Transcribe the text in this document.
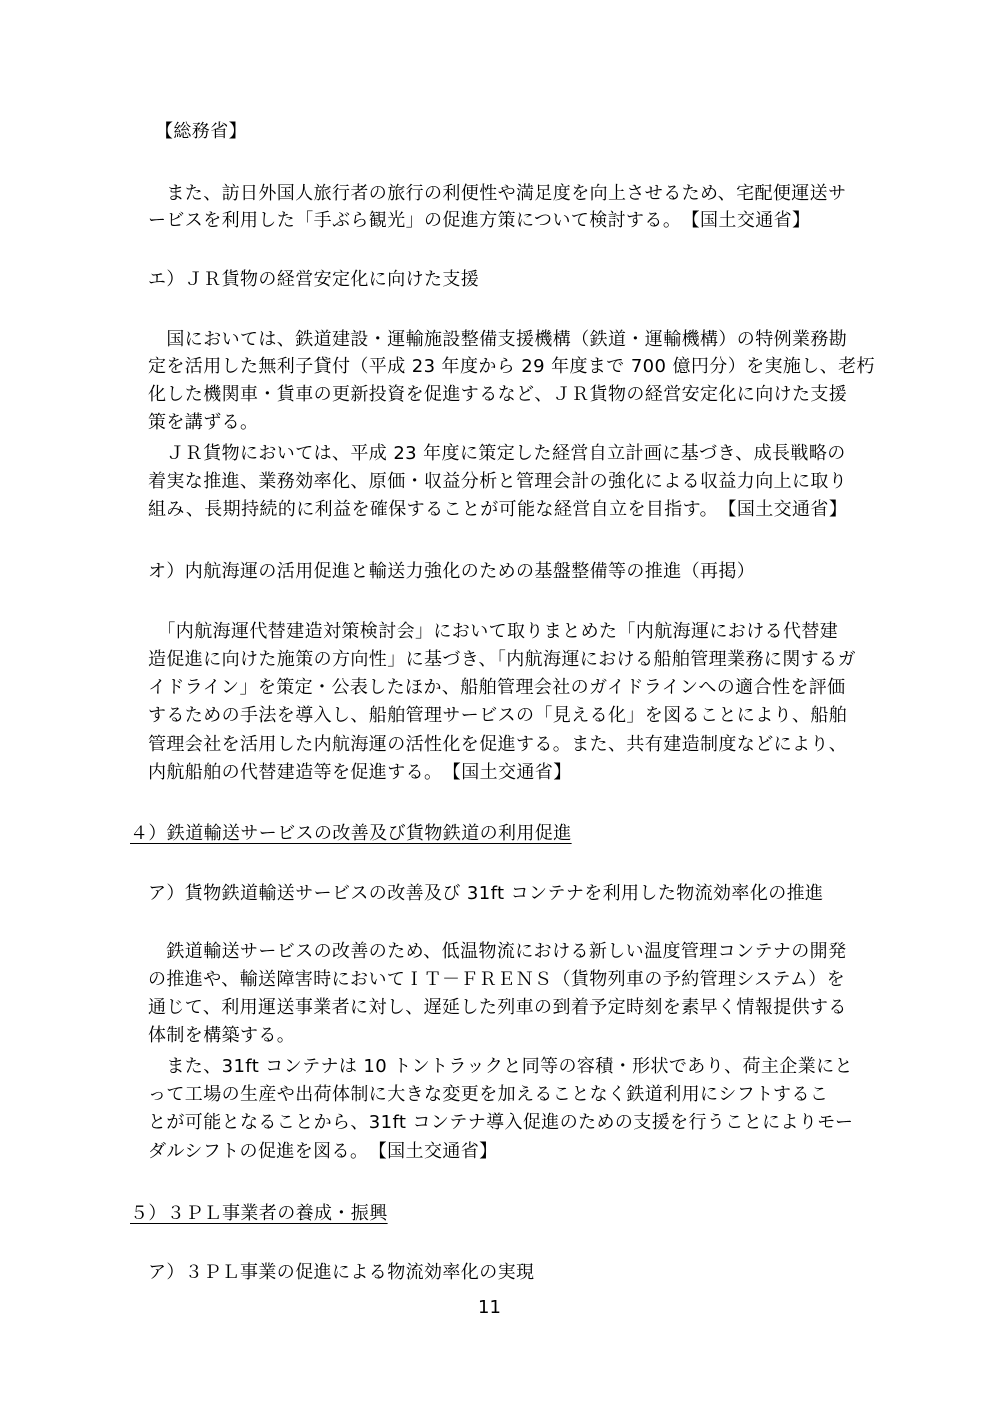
【総務省】
　また、訪日外国人旅行者の旅行の利便性や満足度を向上させるため、宅配便運送サ
ービスを利用した「手ぶら観光」の促進方策について検討する。　【国土交通省】
エ）ＪＲ貨物の経営安定化に向けた支援
　国においては、鉄道建設・運輸施設整備支援機構（鉄道・運輸機構）の特例業務勘
定を活用した無利子貸付（平成 23 年度から 29 年度まで 700 億円分）を実施し、老朽
化した機関車・貨車の更新投資を促進するなど、ＪＲ貨物の経営安定化に向けた支援
策を講ずる。
　ＪＲ貨物においては、平成 23 年度に策定した経営自立計画に基づき、成長戦略の
着実な推進、業務効率化、原価・収益分析と管理会計の強化による収益力向上に取り
組み、長期持続的に利益を確保することが可能な経営自立を目指す。　【国土交通省】
オ）内航海運の活用促進と輸送力強化のための基盤整備等の推進（再掲）
　「内航海運代替建造対策検討会」において取りまとめた「内航海運における代替建
造促進に向けた施策の方向性」に基づき、「内航海運における船舶管理業務に関するガ
イドライン」を策定・公表したほか、船舶管理会社のガイドラインへの適合性を評価
するための手法を導入し、船舶管理サービスの「見える化」を図ることにより、船舶
管理会社を活用した内航海運の活性化を促進する。また、共有建造制度などにより、
内航船舶の代替建造等を促進する。　【国土交通省】
４）鉄道輸送サービスの改善及び貨物鉄道の利用促進
ア）貨物鉄道輸送サービスの改善及び 31ft コンテナを利用した物流効率化の推進
　鉄道輸送サービスの改善のため、低温物流における新しい温度管理コンテナの開発
の推進や、輸送障害時においてＩＴ－ＦＲＥＮＳ（貨物列車の予約管理システム）を
通じて、利用運送事業者に対し、遅延した列車の到着予定時刻を素早く情報提供する
体制を構築する。
　また、31ft コンテナは 10 トントラックと同等の容積・形状であり、荷主企業にと
って工場の生産や出荷体制に大きな変更を加えることなく鉄道利用にシフトするこ
とが可能となることから、31ft コンテナ導入促進のための支援を行うことによりモー
ダルシフトの促進を図る。　【国土交通省】
５）３ＰＬ事業者の養成・振興
ア）３ＰＬ事業の促進による物流効率化の実現
11
